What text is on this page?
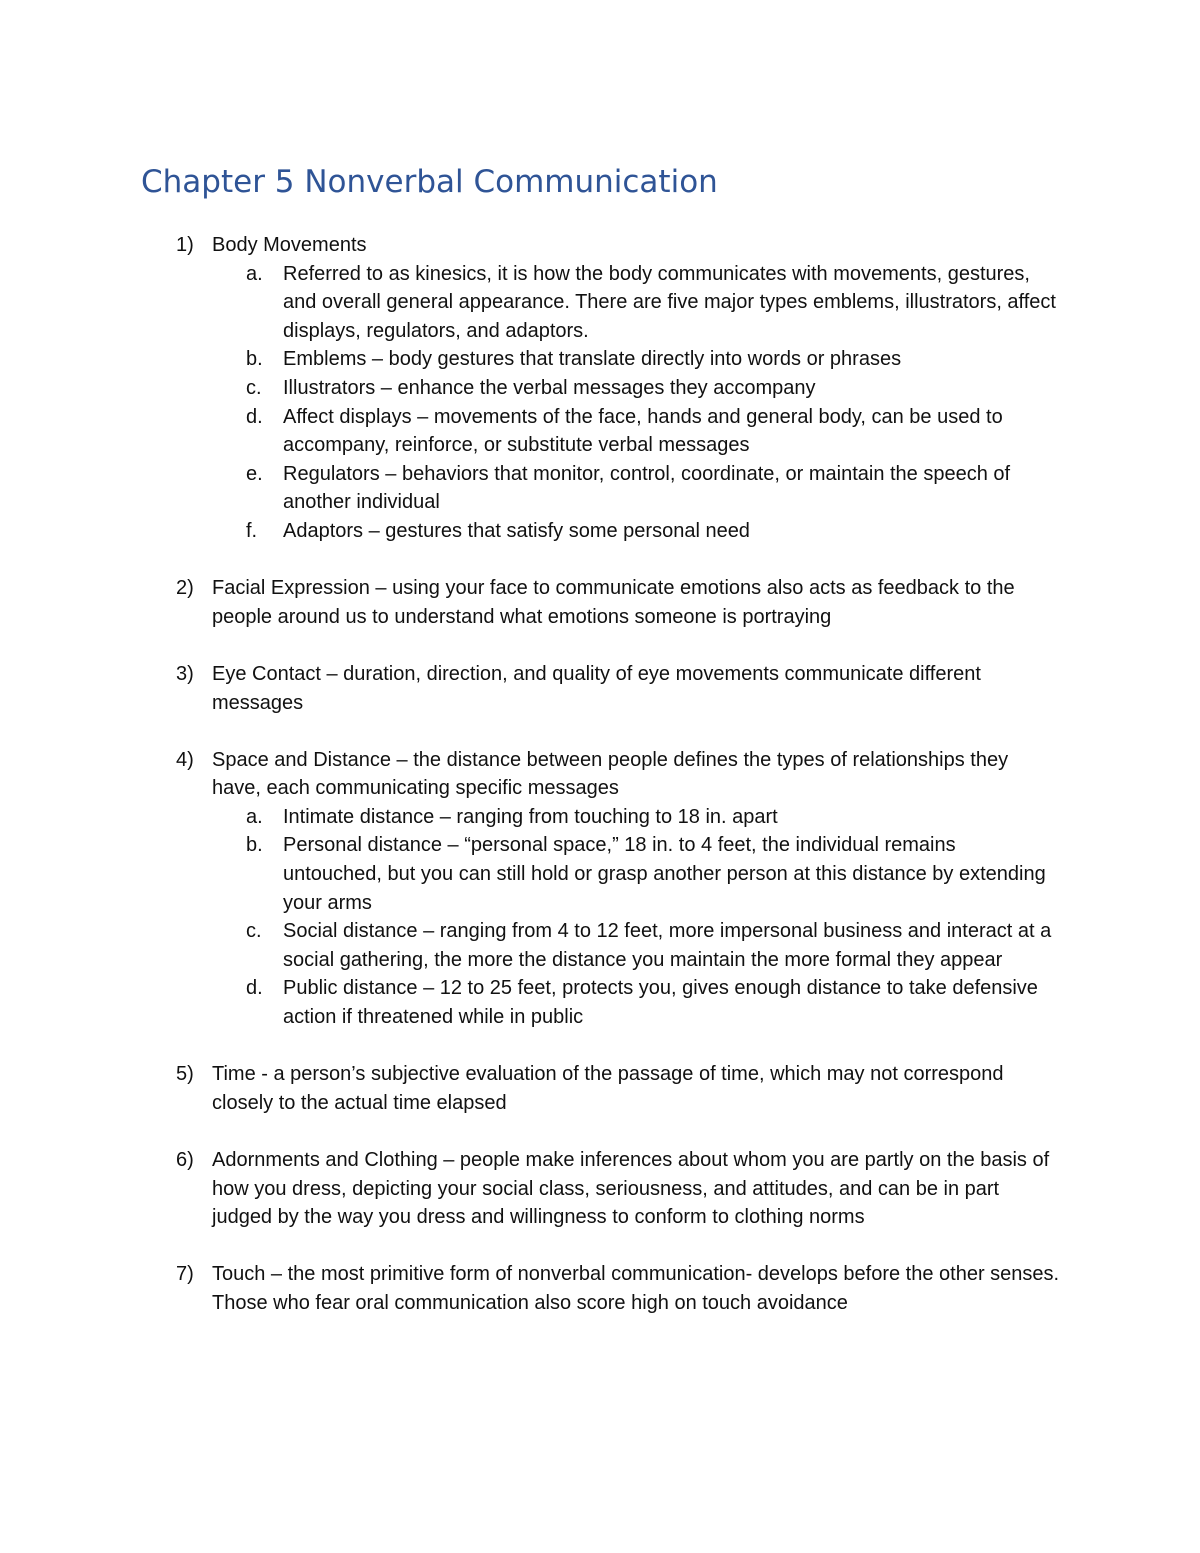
Chapter 5 Nonverbal Communication
1) Body Movements
a. Referred to as kinesics, it is how the body communicates with movements, gestures, and overall general appearance. There are five major types emblems, illustrators, affect displays, regulators, and adaptors.
b. Emblems – body gestures that translate directly into words or phrases
c. Illustrators – enhance the verbal messages they accompany
d. Affect displays – movements of the face, hands and general body, can be used to accompany, reinforce, or substitute verbal messages
e. Regulators – behaviors that monitor, control, coordinate, or maintain the speech of another individual
f. Adaptors – gestures that satisfy some personal need
2) Facial Expression – using your face to communicate emotions also acts as feedback to the people around us to understand what emotions someone is portraying
3) Eye Contact – duration, direction, and quality of eye movements communicate different messages
4) Space and Distance – the distance between people defines the types of relationships they have, each communicating specific messages
a. Intimate distance – ranging from touching to 18 in. apart
b. Personal distance – “personal space,” 18 in. to 4 feet, the individual remains untouched, but you can still hold or grasp another person at this distance by extending your arms
c. Social distance – ranging from 4 to 12 feet, more impersonal business and interact at a social gathering, the more the distance you maintain the more formal they appear
d. Public distance – 12 to 25 feet, protects you, gives enough distance to take defensive action if threatened while in public
5) Time - a person’s subjective evaluation of the passage of time, which may not correspond closely to the actual time elapsed
6) Adornments and Clothing – people make inferences about whom you are partly on the basis of how you dress, depicting your social class, seriousness, and attitudes, and can be in part judged by the way you dress and willingness to conform to clothing norms
7) Touch – the most primitive form of nonverbal communication- develops before the other senses. Those who fear oral communication also score high on touch avoidance
